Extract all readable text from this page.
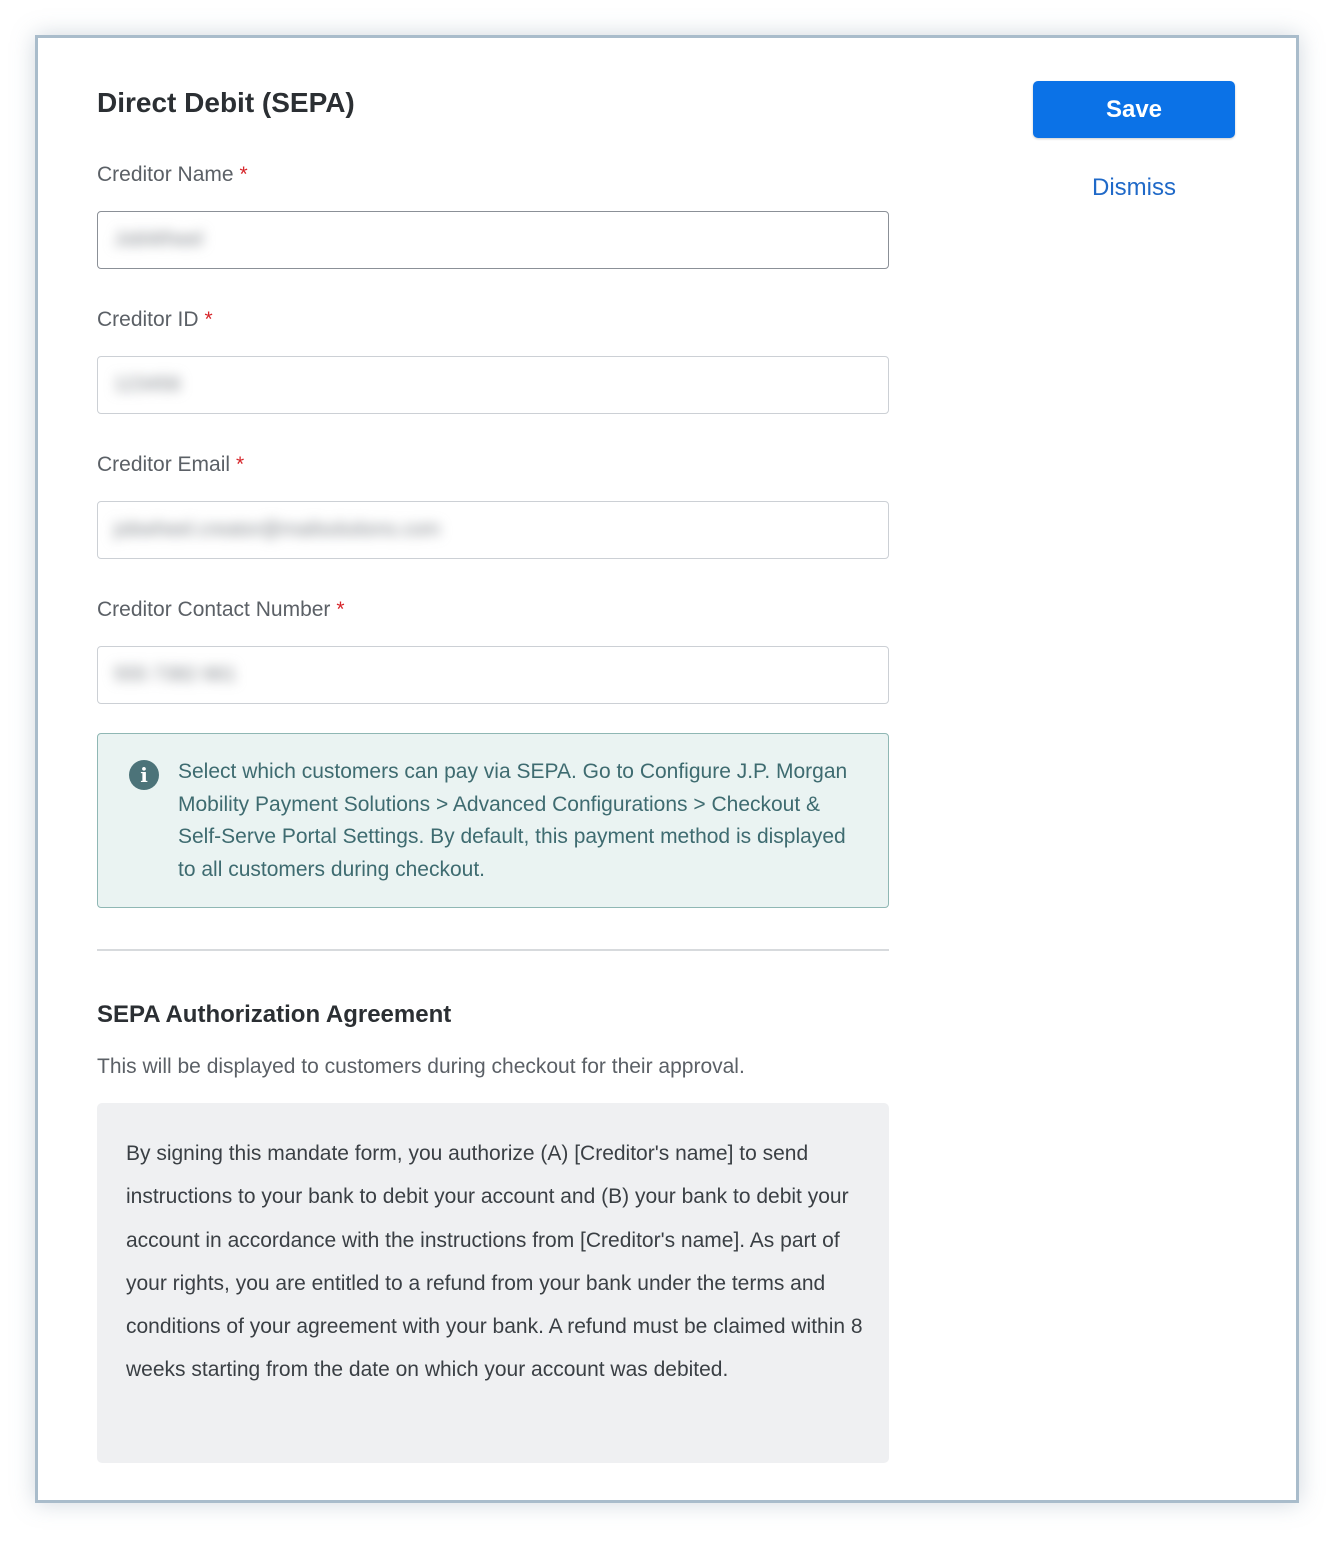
Direct Debit (SEPA)	Save
Dismiss
Creditor Name *
JobWheel
Creditor ID *
123456
Creditor Email *
jobwheel.creator@mailsolutions.com
Creditor Contact Number *
555 7382 661
i	Select which customers can pay via SEPA. Go to Configure J.P. Morgan Mobility Payment Solutions > Advanced Configurations > Checkout & Self-Serve Portal Settings. By default, this payment method is displayed to all customers during checkout.

SEPA Authorization Agreement

This will be displayed to customers during checkout for their approval.

By signing this mandate form, you authorize (A) [Creditor's name] to send instructions to your bank to debit your account and (B) your bank to debit your account in accordance with the instructions from [Creditor's name]. As part of your rights, you are entitled to a refund from your bank under the terms and conditions of your agreement with your bank. A refund must be claimed within 8 weeks starting from the date on which your account was debited.
